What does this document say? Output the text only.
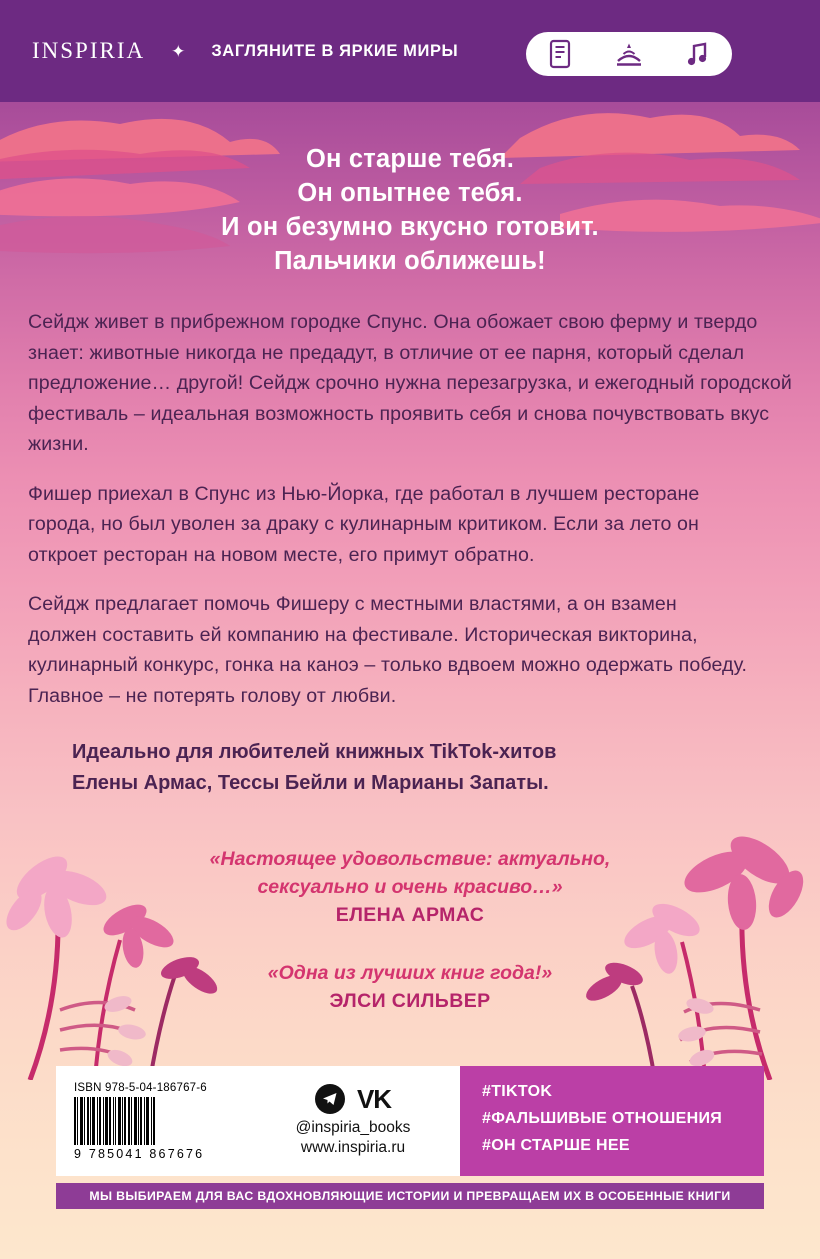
INSPIRIA ✦ ЗАГЛЯНИТЕ В ЯРКИЕ МИРЫ
Он старше тебя.
Он опытнее тебя.
И он безумно вкусно готовит.
Пальчики оближешь!

Сейдж живет в прибрежном городке Спунс. Она обожает свою ферму и твердо знает: животные никогда не предадут, в отличие от ее парня, который сделал предложение… другой! Сейдж срочно нужна перезагрузка, и ежегодный городской фестиваль – идеальная возможность проявить себя и снова почувствовать вкус жизни.

Фишер приехал в Спунс из Нью-Йорка, где работал в лучшем ресторане города, но был уволен за драку с кулинарным критиком. Если за лето он откроет ресторан на новом месте, его примут обратно.

Сейдж предлагает помочь Фишеру с местными властями, а он взамен должен составить ей компанию на фестивале. Историческая викторина, кулинарный конкурс, гонка на каноэ – только вдвоем можно одержать победу. Главное – не потерять голову от любви.

Идеально для любителей книжных TikTok-хитов
Елены Армас, Тессы Бейли и Марианы Запаты.
«Настоящее удовольствие: актуально,
сексуально и очень красиво…»
ЕЛЕНА АРМАС
«Одна из лучших книг года!»
ЭЛСИ СИЛЬВЕР
ISBN 978-5-04-186767-6
9 785041 867676
VK
@inspiria_books
www.inspiria.ru
#TIKTOK
#ФАЛЬШИВЫЕ ОТНОШЕНИЯ
#ОН СТАРШЕ НЕЕ
МЫ ВЫБИРАЕМ ДЛЯ ВАС ВДОХНОВЛЯЮЩИЕ ИСТОРИИ И ПРЕВРАЩАЕМ ИХ В ОСОБЕННЫЕ КНИГИ
